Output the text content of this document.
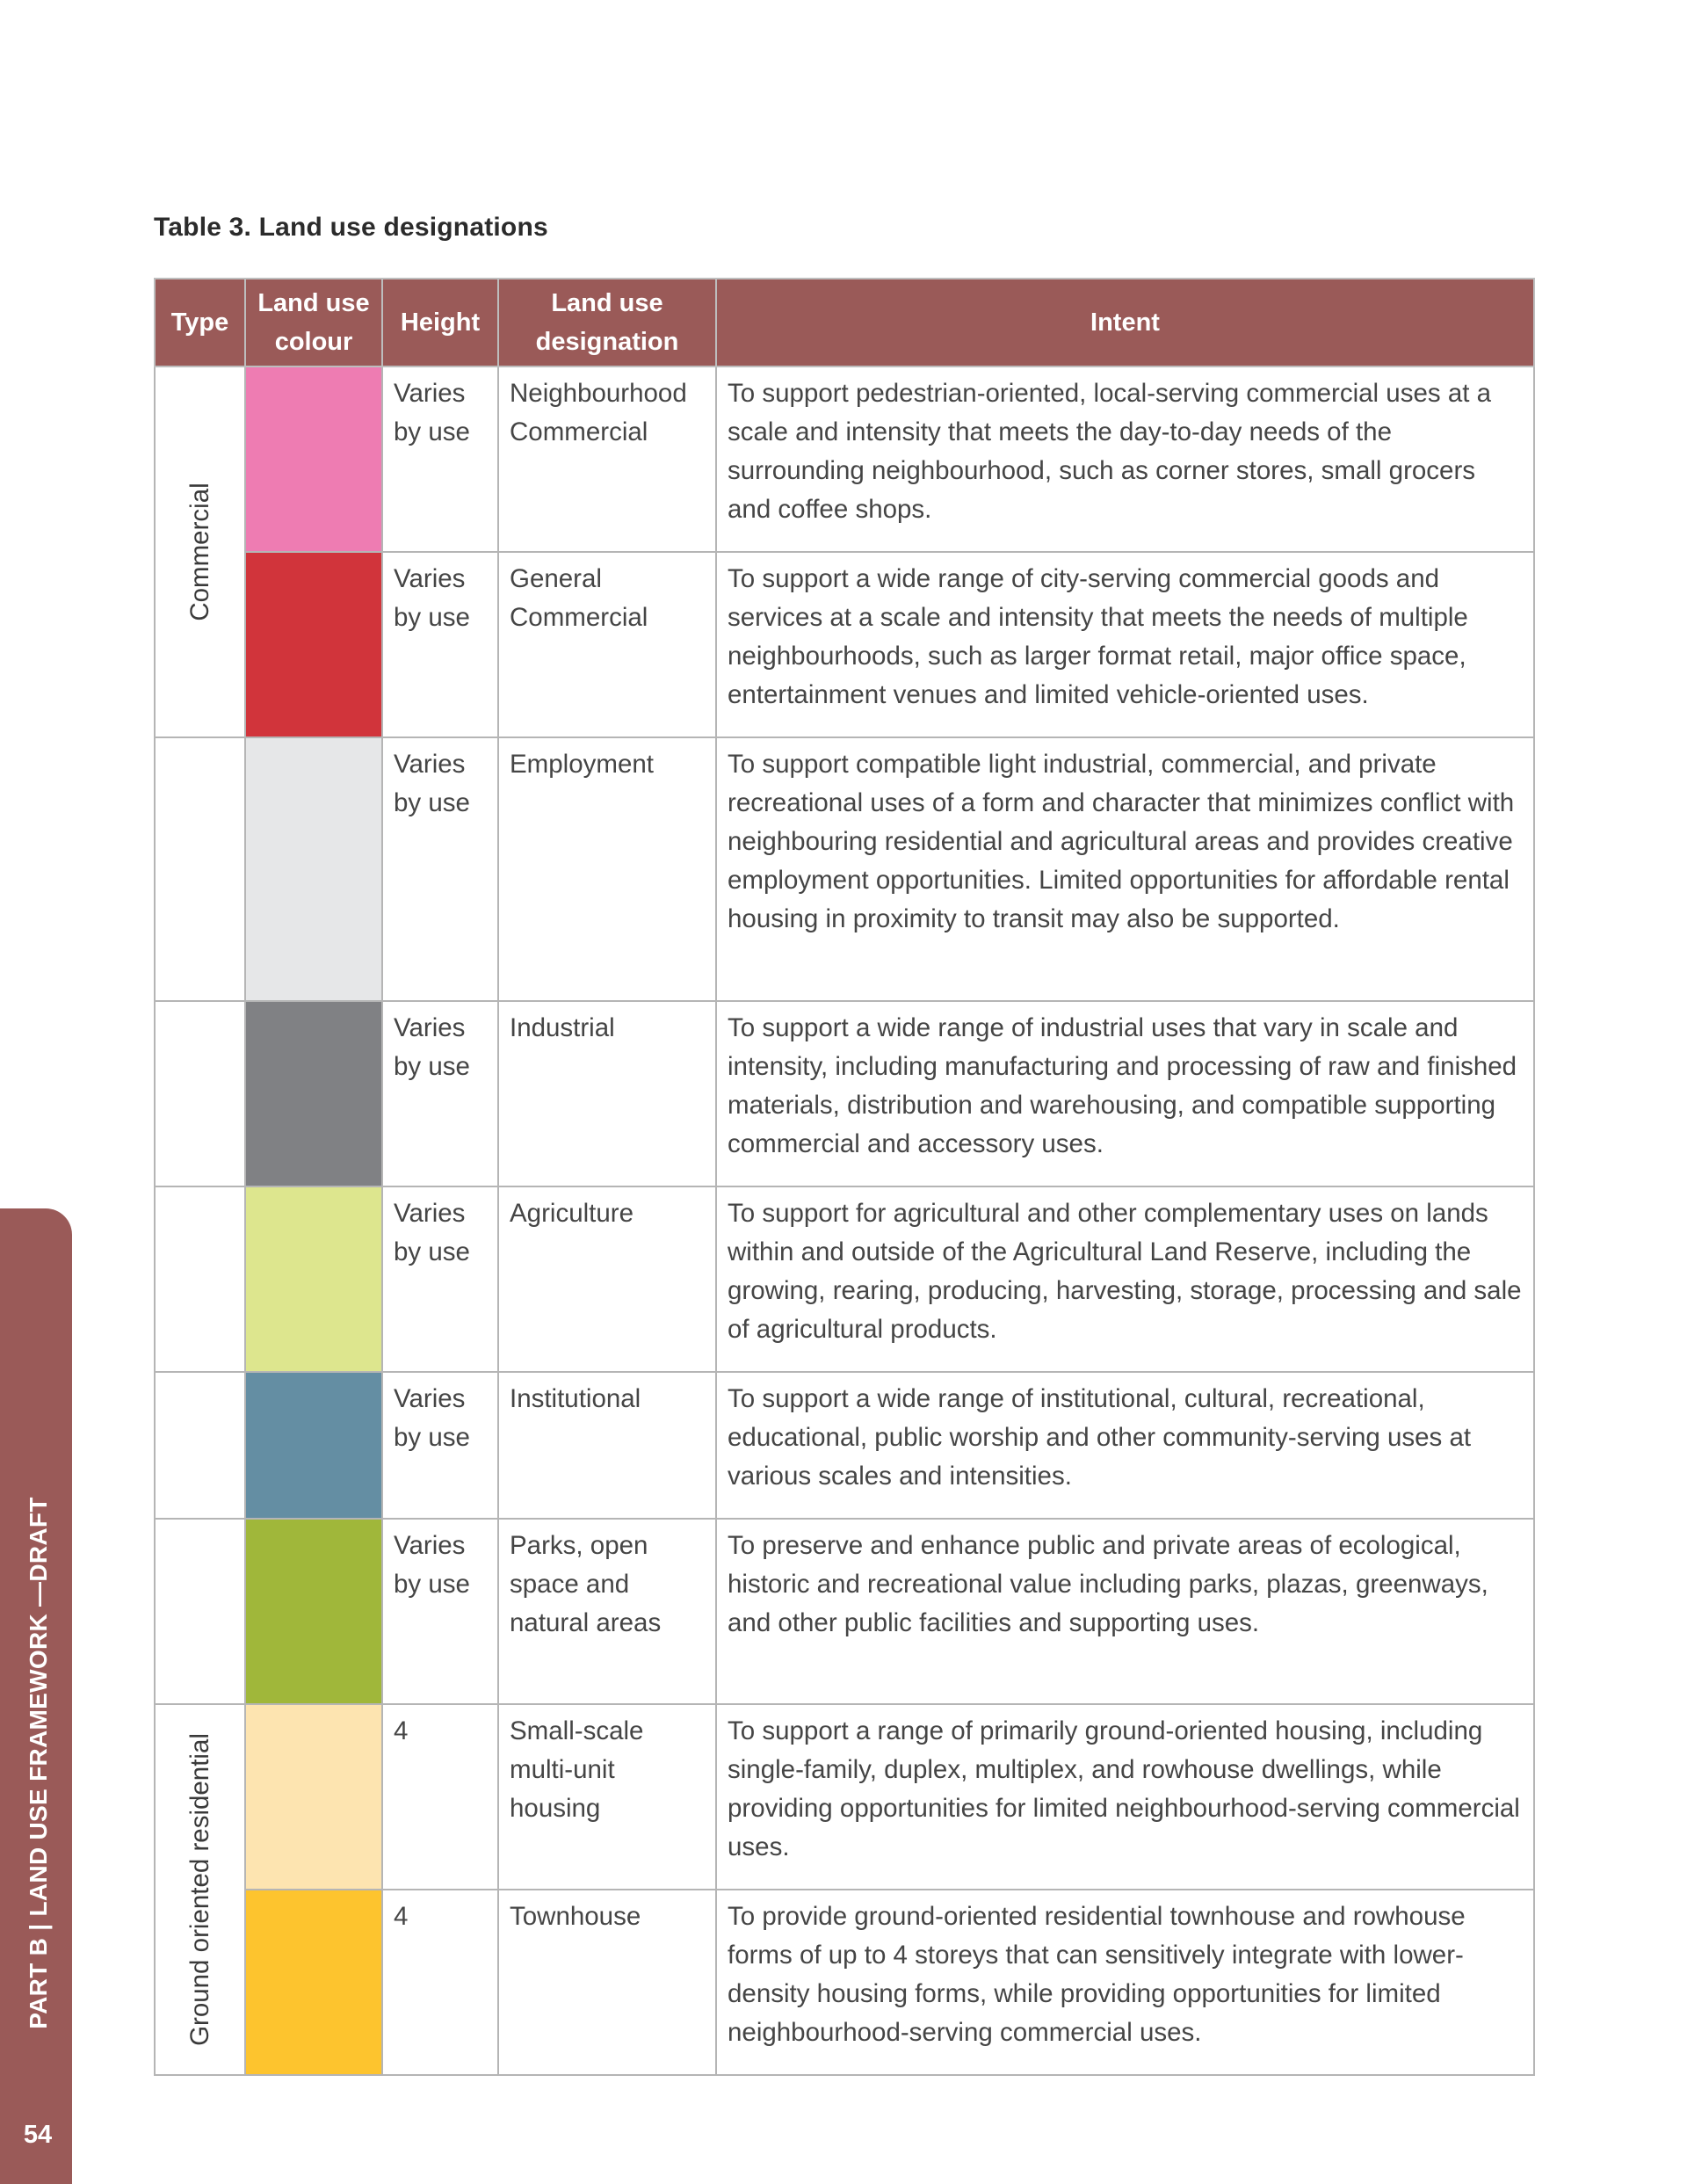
Table 3. Land use designations
Type	Land use colour	Height	Land use designation	Intent

Commercial		Varies by use	Neighbourhood Commercial	To support pedestrian-oriented, local-serving commercial uses at a scale and intensity that meets the day-to-day needs of the surrounding neighbourhood, such as corner stores, small grocers and coffee shops.
		Varies by use	General Commercial	To support a wide range of city-serving commercial goods and services at a scale and intensity that meets the needs of multiple neighbourhoods, such as larger format retail, major office space, entertainment venues and limited vehicle-oriented uses.
		Varies by use	Employment	To support compatible light industrial, commercial, and private recreational uses of a form and character that minimizes conflict with neighbouring residential and agricultural areas and provides creative employment opportunities. Limited opportunities for affordable rental housing in proximity to transit may also be supported.
		Varies by use	Industrial	To support a wide range of industrial uses that vary in scale and intensity, including manufacturing and processing of raw and finished materials, distribution and warehousing, and compatible supporting commercial and accessory uses.
		Varies by use	Agriculture	To support for agricultural and other complementary uses on lands within and outside of the Agricultural Land Reserve, including the growing, rearing, producing, harvesting, storage, processing and sale of agricultural products.
		Varies by use	Institutional	To support a wide range of institutional, cultural, recreational, educational, public worship and other community-serving uses at various scales and intensities.
		Varies by use	Parks, open space and natural areas	To preserve and enhance public and private areas of ecological, historic and recreational value including parks, plazas, greenways, and other public facilities and supporting uses.

Ground oriented residential		4	Small-scale multi-unit housing	To support a range of primarily ground-oriented housing, including single-family, duplex, multiplex, and rowhouse dwellings, while providing opportunities for limited neighbourhood-serving commercial uses.
		4	Townhouse	To provide ground-oriented residential townhouse and rowhouse forms of up to 4 storeys that can sensitively integrate with lower-density housing forms, while providing opportunities for limited neighbourhood-serving commercial uses.
PART B | LAND USE FRAMEWORK —DRAFT
54
